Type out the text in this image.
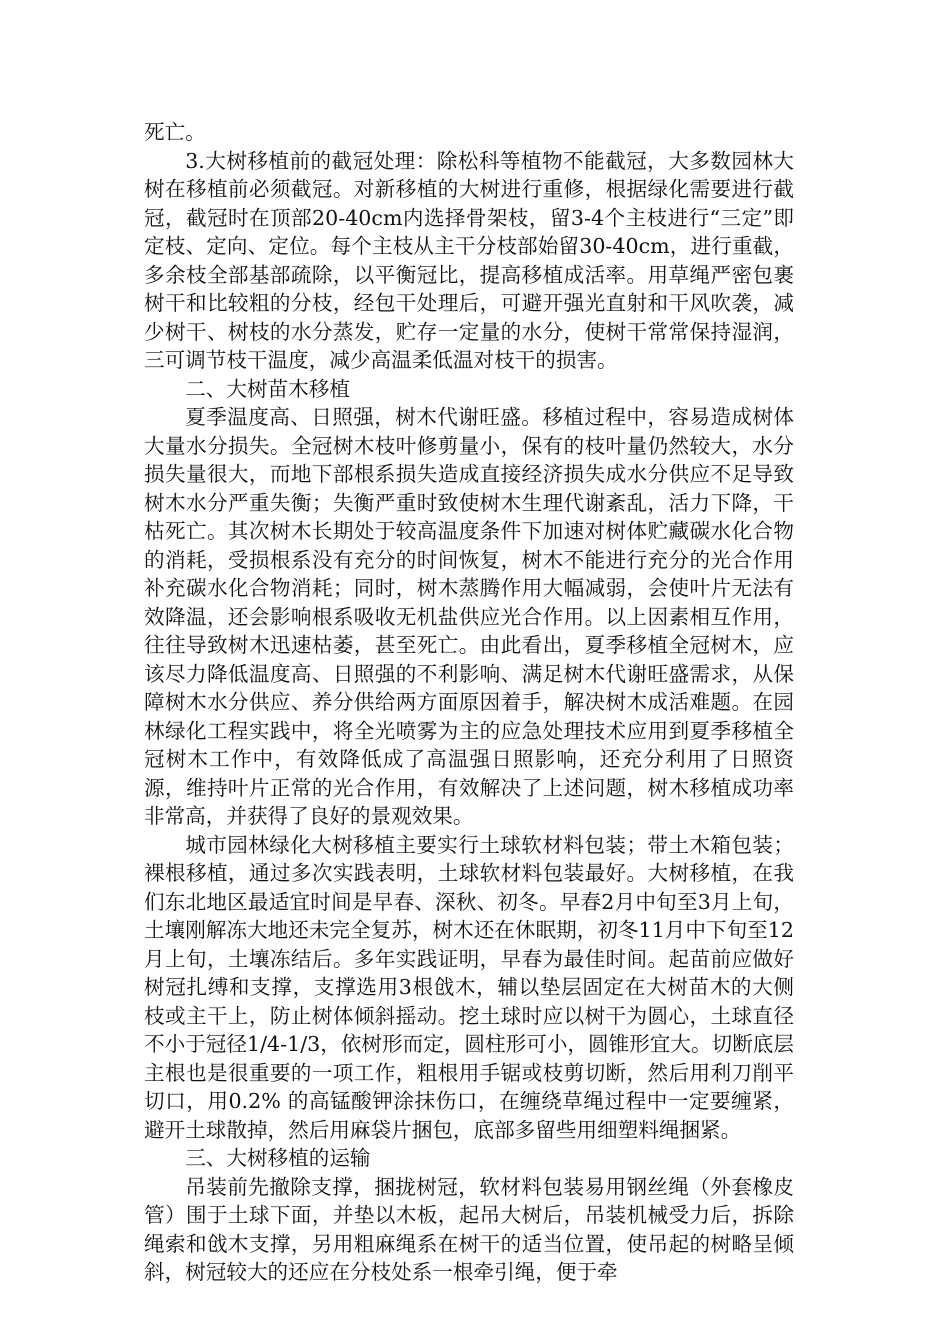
死亡。

3.大树移植前的截冠处理：除松科等植物不能截冠，大多数园林大树在移植前必须截冠。对新移植的大树进行重修，根据绿化需要进行截冠，截冠时在顶部20-40cm内选择骨架枝，留3-4个主枝进行“三定”即定枝、定向、定位。每个主枝从主干分枝部始留30-40cm，进行重截，多余枝全部基部疏除，以平衡冠比，提高移植成活率。用草绳严密包裹树干和比较粗的分枝，经包干处理后，可避开强光直射和干风吹袭，减少树干、树枝的水分蒸发，贮存一定量的水分，使树干常常保持湿润，三可调节枝干温度，减少高温柔低温对枝干的损害。

二、大树苗木移植

夏季温度高、日照强，树木代谢旺盛。移植过程中，容易造成树体大量水分损失。全冠树木枝叶修剪量小，保有的枝叶量仍然较大，水分损失量很大，而地下部根系损失造成直接经济损失成水分供应不足导致树木水分严重失衡；失衡严重时致使树木生理代谢紊乱，活力下降，干枯死亡。其次树木长期处于较高温度条件下加速对树体贮藏碳水化合物的消耗，受损根系没有充分的时间恢复，树木不能进行充分的光合作用补充碳水化合物消耗；同时，树木蒸腾作用大幅减弱，会使叶片无法有效降温，还会影响根系吸收无机盐供应光合作用。以上因素相互作用，往往导致树木迅速枯萎，甚至死亡。由此看出，夏季移植全冠树木，应该尽力降低温度高、日照强的不利影响、满足树木代谢旺盛需求，从保障树木水分供应、养分供给两方面原因着手，解决树木成活难题。在园林绿化工程实践中，将全光喷雾为主的应急处理技术应用到夏季移植全冠树木工作中，有效降低成了高温强日照影响，还充分利用了日照资源，维持叶片正常的光合作用，有效解决了上述问题，树木移植成功率非常高，并获得了良好的景观效果。

城市园林绿化大树移植主要实行土球软材料包装；带土木箱包装；裸根移植，通过多次实践表明，土球软材料包装最好。大树移植，在我们东北地区最适宜时间是早春、深秋、初冬。早春2月中旬至3月上旬，土壤刚解冻大地还未完全复苏，树木还在休眠期，初冬11月中下旬至12月上旬，土壤冻结后。多年实践证明，早春为最佳时间。起苗前应做好树冠扎缚和支撑，支撑选用3根戗木，辅以垫层固定在大树苗木的大侧枝或主干上，防止树体倾斜摇动。挖土球时应以树干为圆心，土球直径不小于冠径1/4-1/3，依树形而定，圆柱形可小，圆锥形宜大。切断底层主根也是很重要的一项工作，粗根用手锯或枝剪切断，然后用利刀削平切口，用0.2% 的高锰酸钾涂抹伤口，在缠绕草绳过程中一定要缠紧，避开土球散掉，然后用麻袋片捆包，底部多留些用细塑料绳捆紧。

三、大树移植的运输

吊装前先撤除支撑，捆拢树冠，软材料包装易用钢丝绳（外套橡皮管）围于土球下面，并垫以木板，起吊大树后，吊装机械受力后，拆除绳索和戗木支撑，另用粗麻绳系在树干的适当位置，使吊起的树略呈倾斜，树冠较大的还应在分枝处系一根牵引绳，便于牵
